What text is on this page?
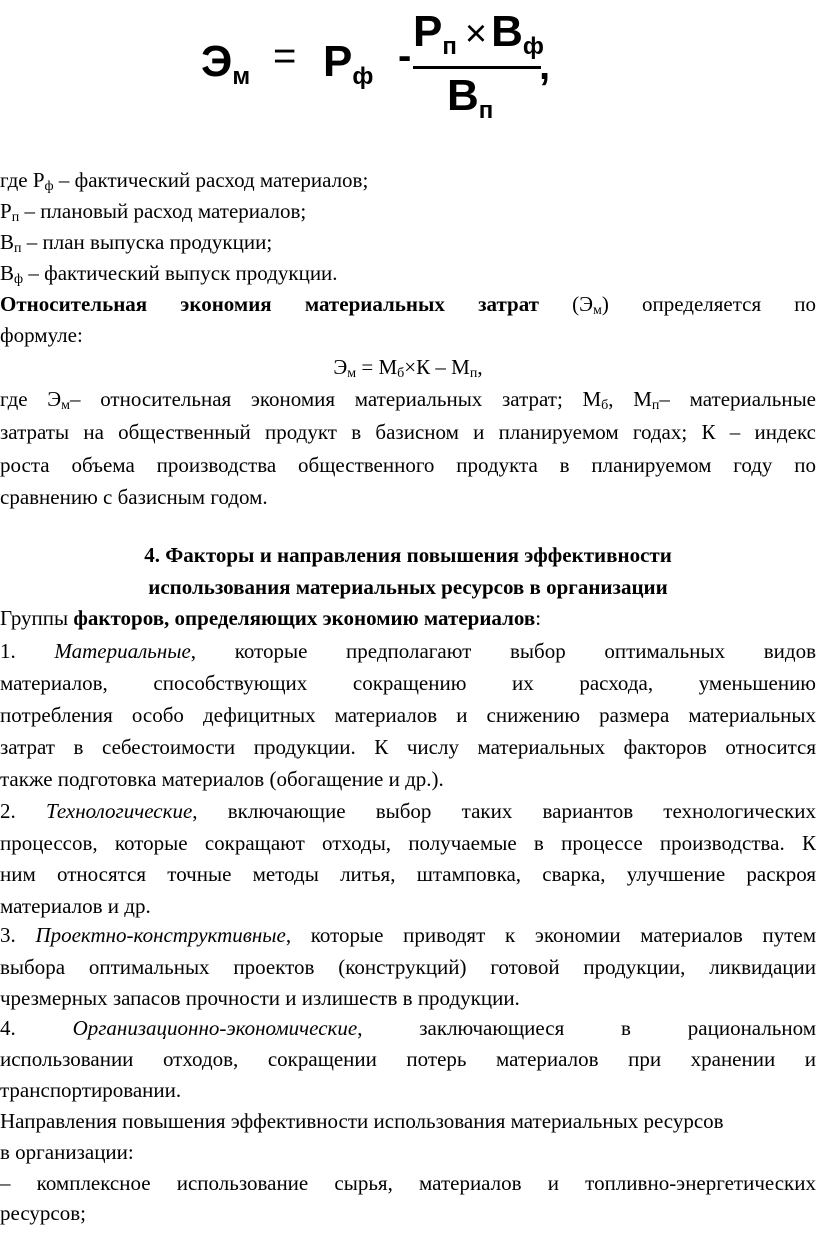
$Э_м = Р_ф - Р_п \times В_ф$
$В_п$
,
где Рф – фактический расход материалов;
Рп – плановый расход материалов;
Вп – план выпуска продукции;
Вф – фактический выпуск продукции.
Относительная экономия материальных затрат (Эм) определяется по
формуле:
Эм = Мб×К – Мп,
где Эм– относительная экономия материальных затрат; Мб, Мп– материальные
затраты на общественный продукт в базисном и планируемом годах; К – индекс
роста объема производства общественного продукта в планируемом году по
сравнению с базисным годом.
4. Факторы и направления повышения эффективности
использования материальных ресурсов в организации
Группы факторов, определяющих экономию материалов:
1. Материальные, которые предполагают выбор оптимальных видов
материалов, способствующих сокращению их расхода, уменьшению
потребления особо дефицитных материалов и снижению размера материальных
затрат в себестоимости продукции. К числу материальных факторов относится
также подготовка материалов (обогащение и др.).
2. Технологические, включающие выбор таких вариантов технологических
процессов, которые сокращают отходы, получаемые в процессе производства. К
ним относятся точные методы литья, штамповка, сварка, улучшение раскроя
материалов и др.
3. Проектно-конструктивные, которые приводят к экономии материалов путем
выбора оптимальных проектов (конструкций) готовой продукции, ликвидации
чрезмерных запасов прочности и излишеств в продукции.
4. Организационно-экономические, заключающиеся в рациональном
использовании отходов, сокращении потерь материалов при хранении и
транспортировании.
Направления повышения эффективности использования материальных ресурсов
в организации:
– комплексное использование сырья, материалов и топливно-энергетических
ресурсов;
